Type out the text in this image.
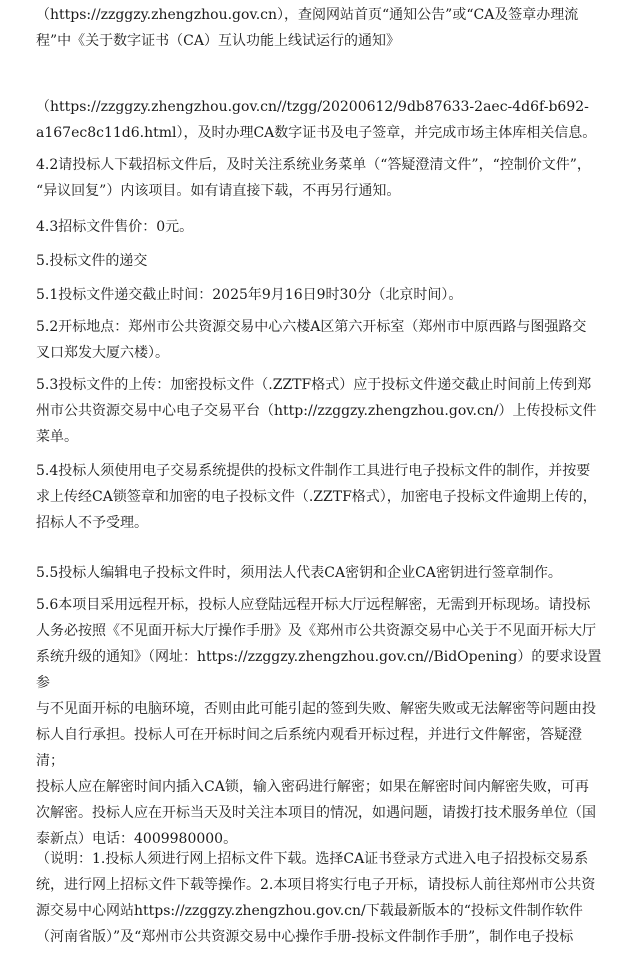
（https://zzggzy.zhengzhou.gov.cn），查阅网站首页“通知公告”或“CA及签章办理流
程”中《关于数字证书（CA）互认功能上线试运行的通知》

（https://zzggzy.zhengzhou.gov.cn//tzgg/20200612/9db87633-2aec-4d6f-b692-
a167ec8c11d6.html），及时办理CA数字证书及电子签章，并完成市场主体库相关信息。

4.2请投标人下载招标文件后，及时关注系统业务菜单（“答疑澄清文件”，“控制价文件”，
“异议回复”）内该项目。如有请直接下载，不再另行通知。

4.3招标文件售价：0元。

5.投标文件的递交

5.1投标文件递交截止时间：2025年9月16日9时30分（北京时间）。

5.2开标地点：郑州市公共资源交易中心六楼A区第六开标室（郑州市中原西路与图强路交
叉口郑发大厦六楼）。

5.3投标文件的上传：加密投标文件（.ZZTF格式）应于投标文件递交截止时间前上传到郑
州市公共资源交易中心电子交易平台（http://zzggzy.zhengzhou.gov.cn/）上传投标文件
菜单。

5.4投标人须使用电子交易系统提供的投标文件制作工具进行电子投标文件的制作，并按要
求上传经CA锁签章和加密的电子投标文件（.ZZTF格式），加密电子投标文件逾期上传的，
招标人不予受理。

5.5投标人编辑电子投标文件时，须用法人代表CA密钥和企业CA密钥进行签章制作。

5.6本项目采用远程开标，投标人应登陆远程开标大厅远程解密，无需到开标现场。请投标
人务必按照《不见面开标大厅操作手册》及《郑州市公共资源交易中心关于不见面开标大厅
系统升级的通知》（网址：https://zzggzy.zhengzhou.gov.cn//BidOpening）的要求设置参
与不见面开标的电脑环境，否则由此可能引起的签到失败、解密失败或无法解密等问题由投
标人自行承担。投标人可在开标时间之后系统内观看开标过程，并进行文件解密，答疑澄清；
投标人应在解密时间内插入CA锁，输入密码进行解密；如果在解密时间内解密失败，可再
次解密。投标人应在开标当天及时关注本项目的情况，如遇问题，请拨打技术服务单位（国
泰新点）电话：4009980000。

（说明：1.投标人须进行网上招标文件下载。选择CA证书登录方式进入电子招投标交易系
统，进行网上招标文件下载等操作。2.本项目将实行电子开标，请投标人前往郑州市公共资
源交易中心网站https://zzggzy.zhengzhou.gov.cn/下载最新版本的“投标文件制作软件
（河南省版）”及“郑州市公共资源交易中心操作手册-投标文件制作手册”，制作电子投标
